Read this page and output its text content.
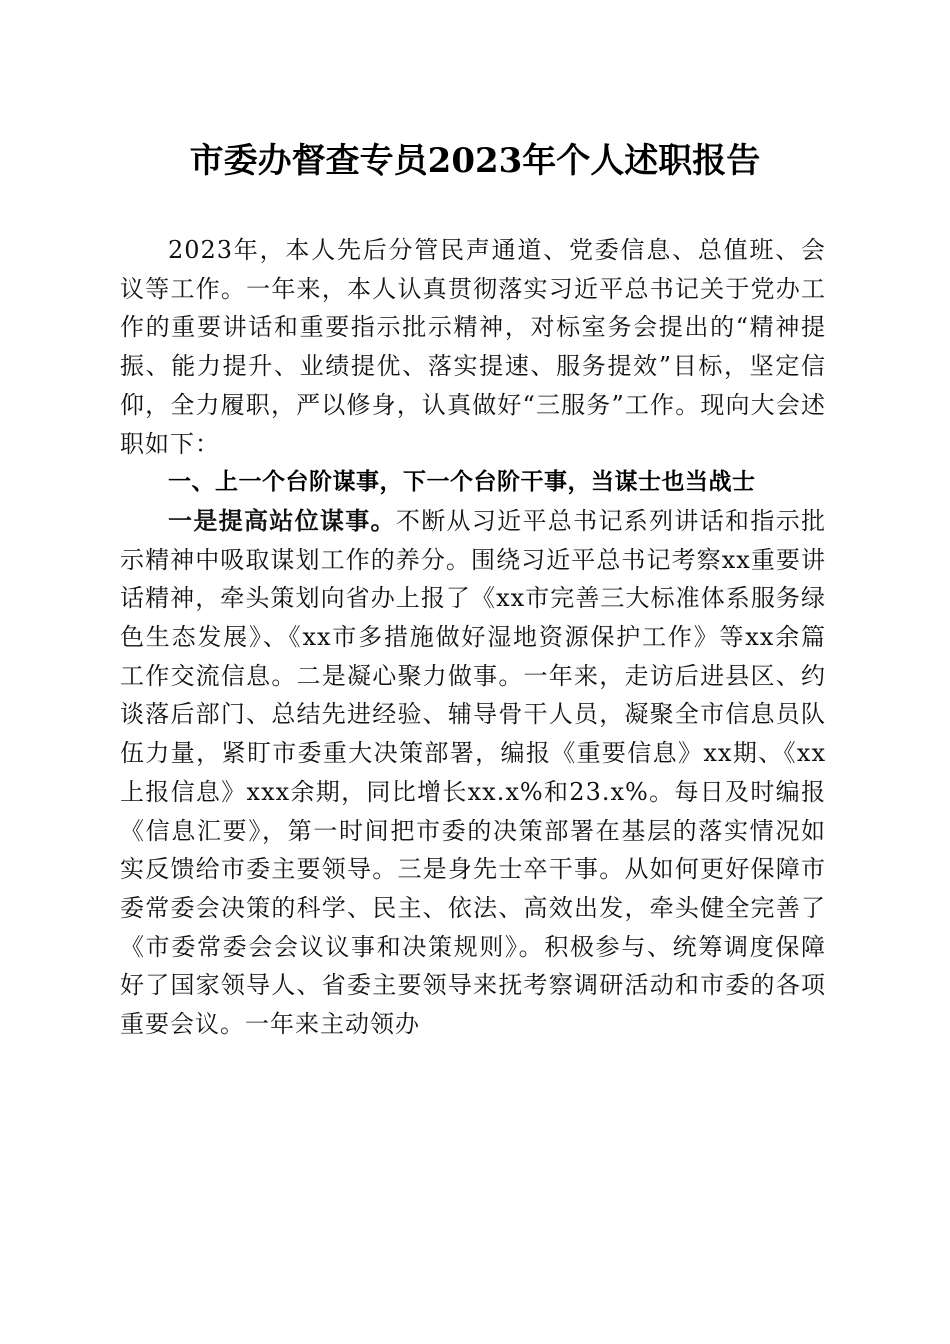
市委办督查专员2023年个人述职报告

2023年，本人先后分管民声通道、党委信息、总值班、会议等工作。一年来，本人认真贯彻落实习近平总书记关于党办工作的重要讲话和重要指示批示精神，对标室务会提出的“精神提振、能力提升、业绩提优、落实提速、服务提效”目标，坚定信仰，全力履职，严以修身，认真做好“三服务”工作。现向大会述职如下：

一、上一个台阶谋事，下一个台阶干事，当谋士也当战士

一是提高站位谋事。不断从习近平总书记系列讲话和指示批示精神中吸取谋划工作的养分。围绕习近平总书记考察xx重要讲话精神，牵头策划向省办上报了《xx市完善三大标准体系服务绿色生态发展》、《xx市多措施做好湿地资源保护工作》等xx余篇工作交流信息。二是凝心聚力做事。一年来，走访后进县区、约谈落后部门、总结先进经验、辅导骨干人员，凝聚全市信息员队伍力量，紧盯市委重大决策部署，编报《重要信息》xx期、《xx上报信息》xxx余期，同比增长xx.x%和23.x%。每日及时编报《信息汇要》，第一时间把市委的决策部署在基层的落实情况如实反馈给市委主要领导。三是身先士卒干事。从如何更好保障市委常委会决策的科学、民主、依法、高效出发，牵头健全完善了《市委常委会会议议事和决策规则》。积极参与、统筹调度保障好了国家领导人、省委主要领导来抚考察调研活动和市委的各项重要会议。一年来主动领办
